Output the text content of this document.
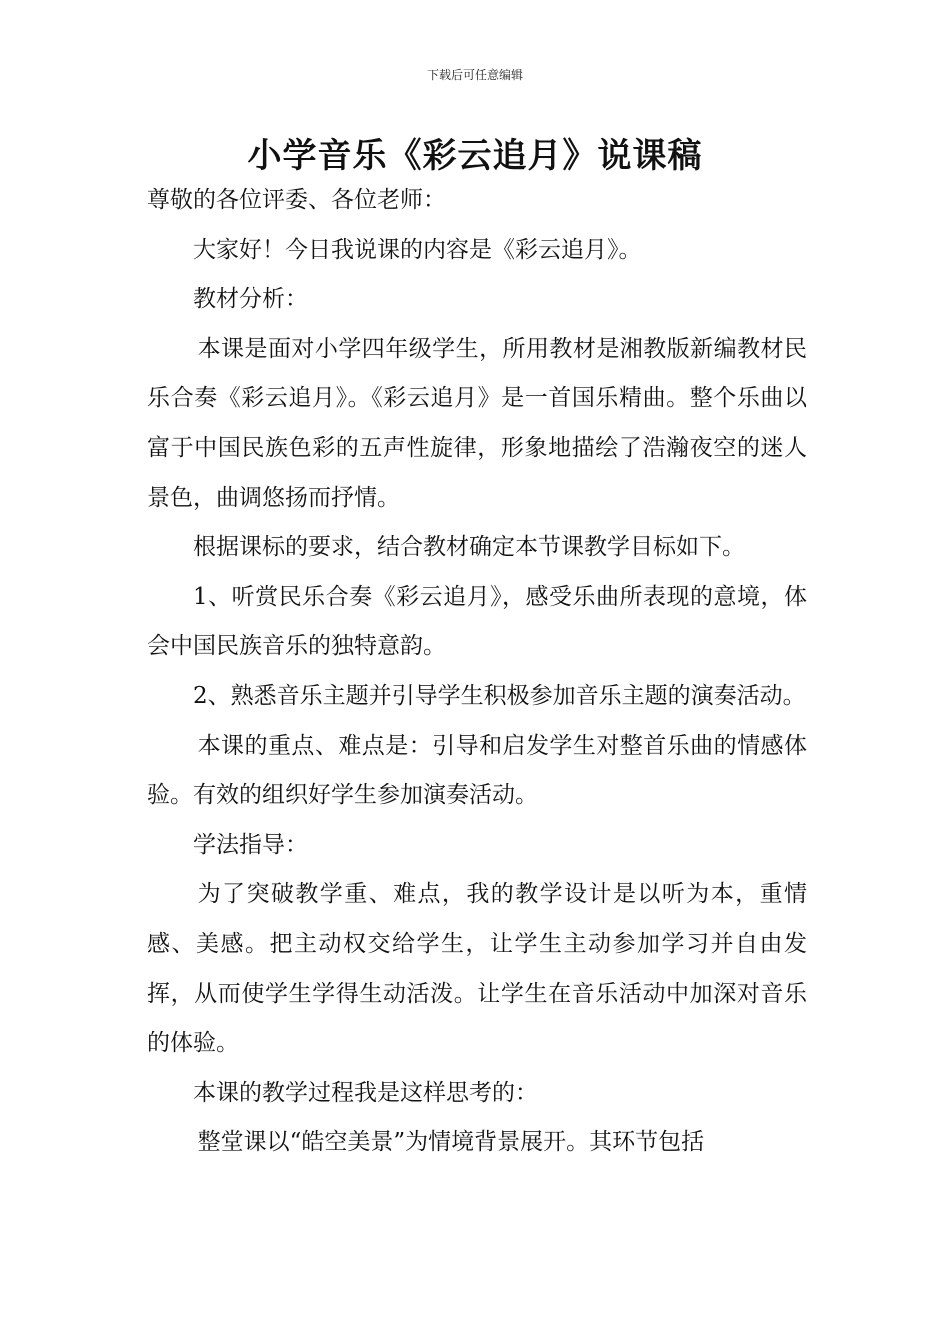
下载后可任意编辑
小学音乐《彩云追月》说课稿

尊敬的各位评委、各位老师：

大家好！今日我说课的内容是《彩云追月》。

教材分析：

本课是面对小学四年级学生，所用教材是湘教版新编教材民乐合奏《彩云追月》。《彩云追月》是一首国乐精曲。整个乐曲以富于中国民族色彩的五声性旋律，形象地描绘了浩瀚夜空的迷人景色，曲调悠扬而抒情。

根据课标的要求，结合教材确定本节课教学目标如下。

1、听赏民乐合奏《彩云追月》，感受乐曲所表现的意境，体会中国民族音乐的独特意韵。

2、熟悉音乐主题并引导学生积极参加音乐主题的演奏活动。

本课的重点、难点是：引导和启发学生对整首乐曲的情感体验。有效的组织好学生参加演奏活动。

学法指导：

为了突破教学重、难点，我的教学设计是以听为本，重情感、美感。把主动权交给学生，让学生主动参加学习并自由发挥，从而使学生学得生动活泼。让学生在音乐活动中加深对音乐的体验。

本课的教学过程我是这样思考的：

整堂课以“皓空美景”为情境背景展开。其环节包括
